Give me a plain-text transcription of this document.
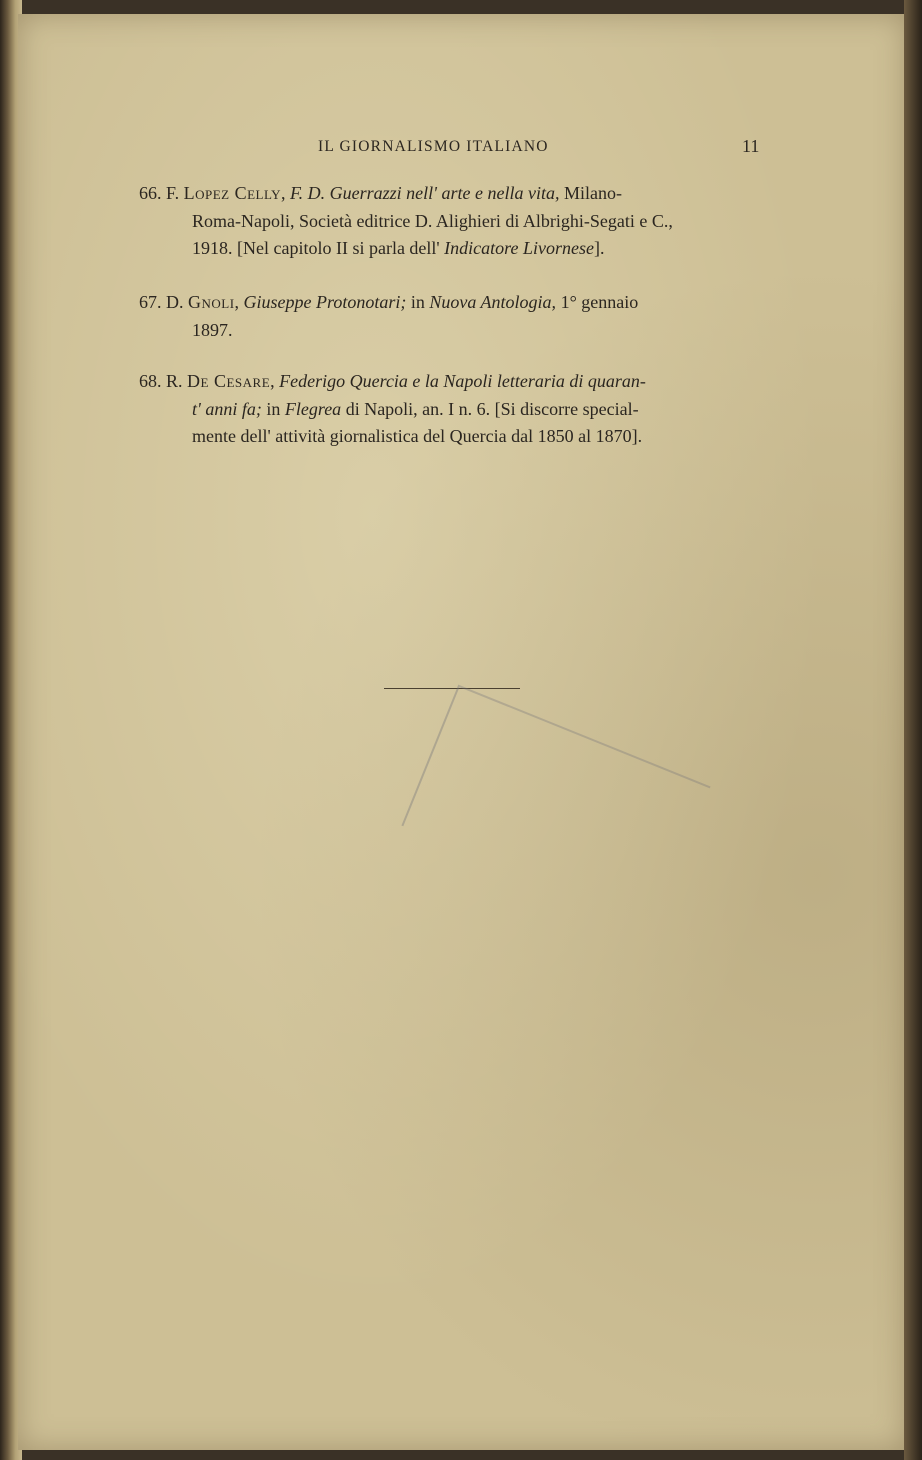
IL GIORNALISMO ITALIANO	11
66. F. Lopez Celly, F. D. Guerrazzi nell' arte e nella vita, Milano-
Roma-Napoli, Società editrice D. Alighieri di Albrighi-Segati e C.,
1918. [Nel capitolo II si parla dell' Indicatore Livornese].
67. D. Gnoli, Giuseppe Protonotari; in Nuova Antologia, 1° gennaio
1897.
68. R. De Cesare, Federigo Quercia e la Napoli letteraria di quaran-
t' anni fa; in Flegrea di Napoli, an. I n. 6. [Si discorre special-
mente dell' attività giornalistica del Quercia dal 1850 al 1870].
